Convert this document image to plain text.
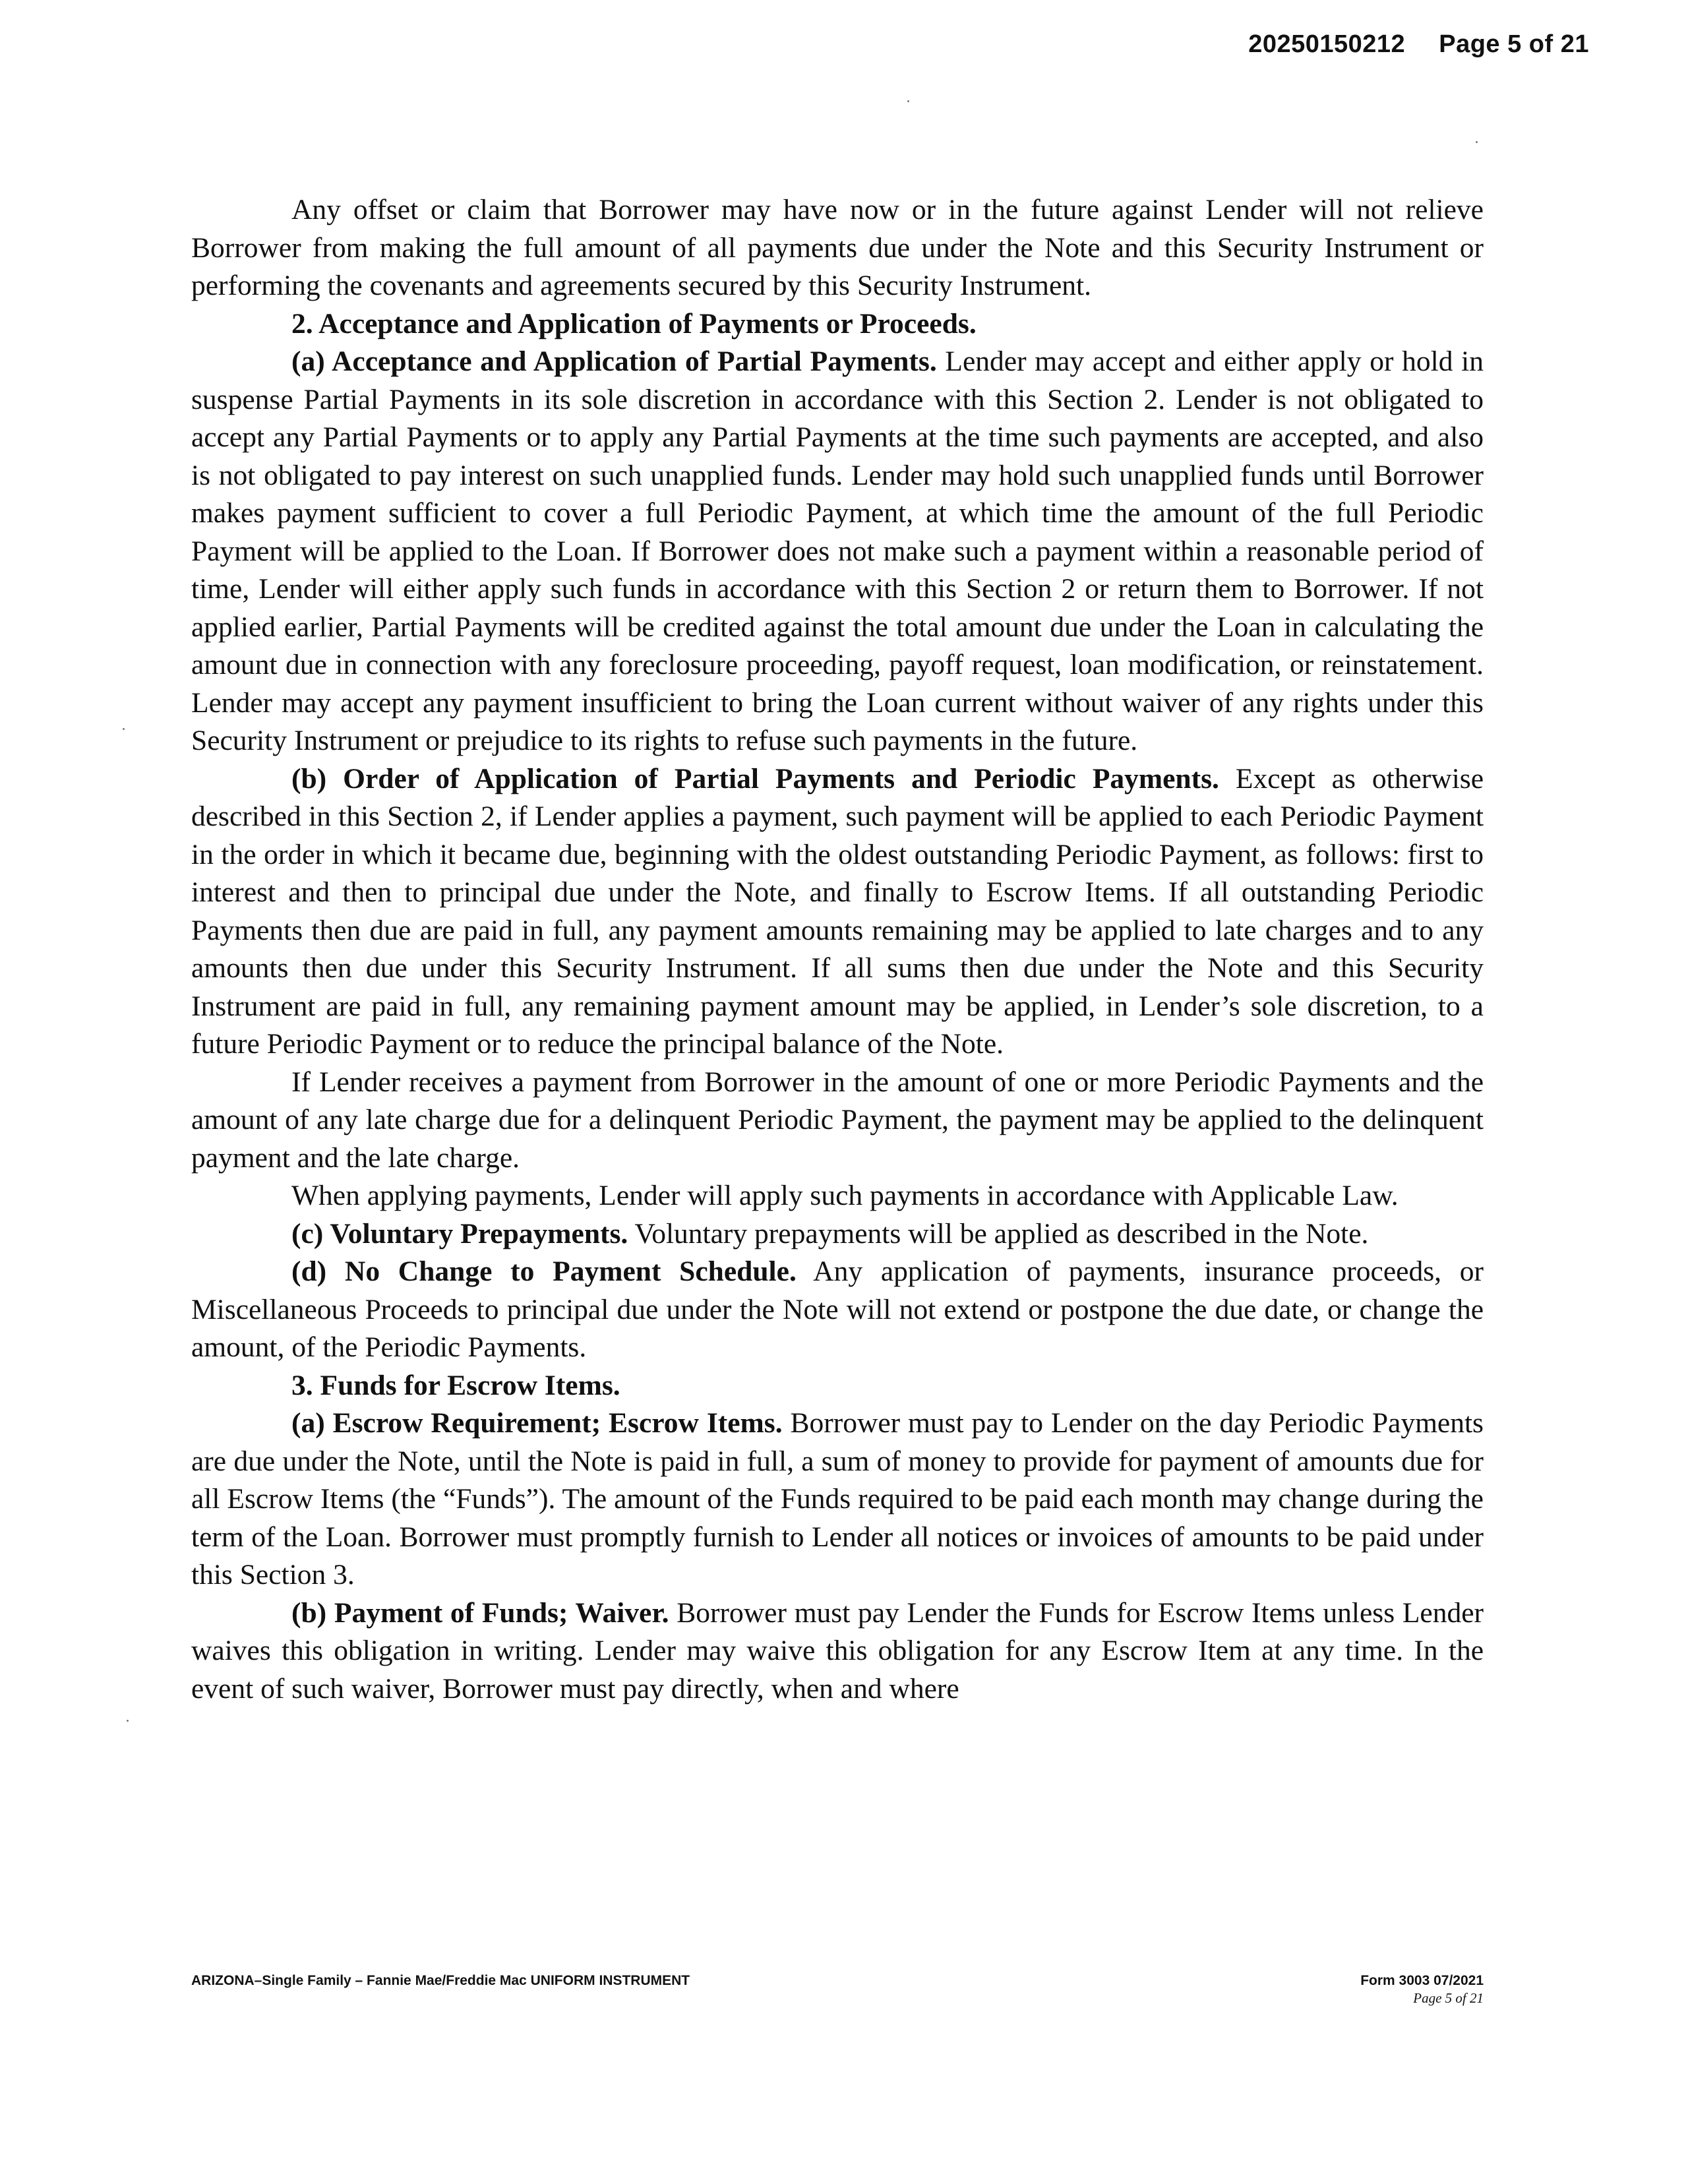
20250150212 Page 5 of 21

Any offset or claim that Borrower may have now or in the future against Lender will not relieve Borrower from making the full amount of all payments due under the Note and this Security Instrument or performing the covenants and agreements secured by this Security Instrument.

2. Acceptance and Application of Payments or Proceeds.

(a) Acceptance and Application of Partial Payments. Lender may accept and either apply or hold in suspense Partial Payments in its sole discretion in accordance with this Section 2. Lender is not obligated to accept any Partial Payments or to apply any Partial Payments at the time such payments are accepted, and also is not obligated to pay interest on such unapplied funds. Lender may hold such unapplied funds until Borrower makes payment sufficient to cover a full Periodic Payment, at which time the amount of the full Periodic Payment will be applied to the Loan. If Borrower does not make such a payment within a reasonable period of time, Lender will either apply such funds in accordance with this Section 2 or return them to Borrower. If not applied earlier, Partial Payments will be credited against the total amount due under the Loan in calculating the amount due in connection with any foreclosure proceeding, payoff request, loan modification, or reinstatement. Lender may accept any payment insufficient to bring the Loan current without waiver of any rights under this Security Instrument or prejudice to its rights to refuse such payments in the future.

(b) Order of Application of Partial Payments and Periodic Payments. Except as otherwise described in this Section 2, if Lender applies a payment, such payment will be applied to each Periodic Payment in the order in which it became due, beginning with the oldest outstanding Periodic Payment, as follows: first to interest and then to principal due under the Note, and finally to Escrow Items. If all outstanding Periodic Payments then due are paid in full, any payment amounts remaining may be applied to late charges and to any amounts then due under this Security Instrument. If all sums then due under the Note and this Security Instrument are paid in full, any remaining payment amount may be applied, in Lender’s sole discretion, to a future Periodic Payment or to reduce the principal balance of the Note.

If Lender receives a payment from Borrower in the amount of one or more Periodic Payments and the amount of any late charge due for a delinquent Periodic Payment, the payment may be applied to the delinquent payment and the late charge.

When applying payments, Lender will apply such payments in accordance with Applicable Law.

(c) Voluntary Prepayments. Voluntary prepayments will be applied as described in the Note.

(d) No Change to Payment Schedule. Any application of payments, insurance proceeds, or Miscellaneous Proceeds to principal due under the Note will not extend or postpone the due date, or change the amount, of the Periodic Payments.

3. Funds for Escrow Items.

(a) Escrow Requirement; Escrow Items. Borrower must pay to Lender on the day Periodic Payments are due under the Note, until the Note is paid in full, a sum of money to provide for payment of amounts due for all Escrow Items (the “Funds”). The amount of the Funds required to be paid each month may change during the term of the Loan. Borrower must promptly furnish to Lender all notices or invoices of amounts to be paid under this Section 3.

(b) Payment of Funds; Waiver. Borrower must pay Lender the Funds for Escrow Items unless Lender waives this obligation in writing. Lender may waive this obligation for any Escrow Item at any time. In the event of such waiver, Borrower must pay directly, when and where

ARIZONA–Single Family – Fannie Mae/Freddie Mac UNIFORM INSTRUMENT	Form 3003 07/2021
Page 5 of 21
